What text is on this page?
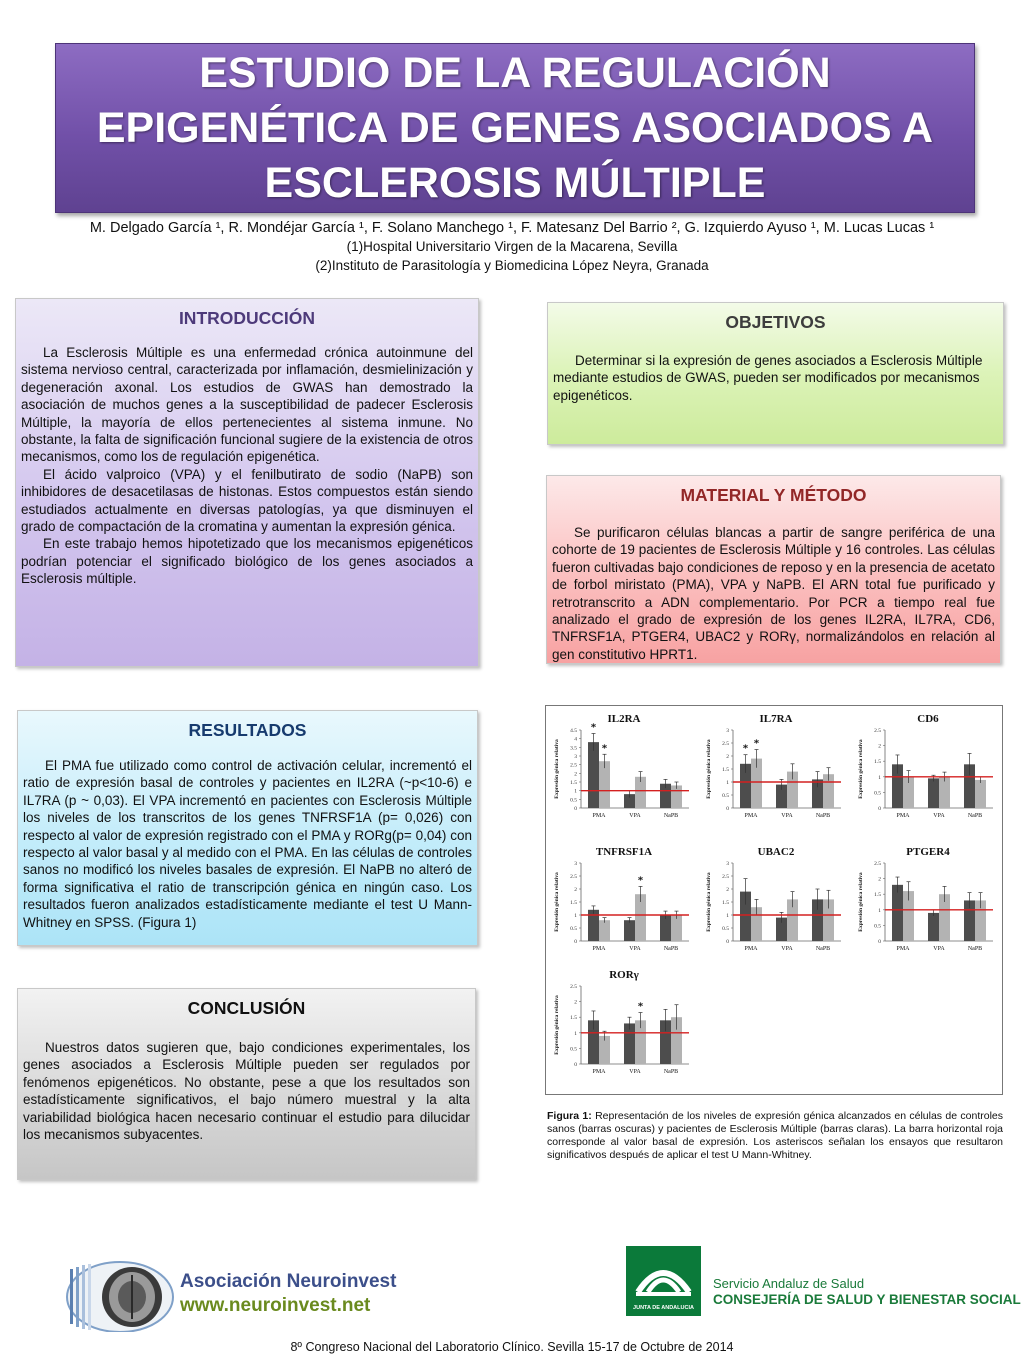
ESTUDIO DE LA REGULACIÓN
EPIGENÉTICA DE GENES ASOCIADOS A
ESCLEROSIS MÚLTIPLE
M. Delgado García ¹, R. Mondéjar García ¹, F. Solano Manchego ¹, F. Matesanz Del Barrio ², G. Izquierdo Ayuso ¹, M. Lucas Lucas ¹
(1)Hospital Universitario Virgen de la Macarena, Sevilla
(2)Instituto de Parasitología y Biomedicina López Neyra, Granada
INTRODUCCIÓN

La Esclerosis Múltiple es una enfermedad crónica autoinmune del sistema nervioso central, caracterizada por inflamación, desmielinización y degeneración axonal. Los estudios de GWAS han demostrado la asociación de muchos genes a la susceptibilidad de padecer Esclerosis Múltiple, la mayoría de ellos pertenecientes al sistema inmune. No obstante, la falta de significación funcional sugiere de la existencia de otros mecanismos, como los de regulación epigenética.

El ácido valproico (VPA) y el fenilbutirato de sodio (NaPB) son inhibidores de desacetilasas de histonas. Estos compuestos están siendo estudiados actualmente en diversas patologías, ya que disminuyen el grado de compactación de la cromatina y aumentan la expresión génica.

En este trabajo hemos hipotetizado que los mecanismos epigenéticos podrían potenciar el significado biológico de los genes asociados a Esclerosis múltiple.

OBJETIVOS

Determinar si la expresión de genes asociados a Esclerosis Múltiple mediante estudios de GWAS, pueden ser modificados por mecanismos epigenéticos.

MATERIAL Y MÉTODO

Se purificaron células blancas a partir de sangre periférica de una cohorte de 19 pacientes de Esclerosis Múltiple y 16 controles. Las células fueron cultivadas bajo condiciones de reposo y en la presencia de acetato de forbol miristato (PMA), VPA y NaPB. El ARN total fue purificado y retrotranscrito a ADN complementario. Por PCR a tiempo real fue analizado el grado de expresión de los genes IL2RA, IL7RA, CD6, TNFRSF1A, PTGER4, UBAC2 y RORγ, normalizándolos en relación al gen constitutivo HPRT1.

RESULTADOS

El PMA fue utilizado como control de activación celular, incrementó el ratio de expresión basal de controles y pacientes en IL2RA (~p<10-6) e IL7RA (p ~ 0,03). El VPA incrementó en pacientes con Esclerosis Múltiple los niveles de los transcritos de los genes TNFRSF1A (p= 0,026) con respecto al valor de expresión registrado con el PMA y RORg(p= 0,04) con respecto al valor basal y al medido con el PMA. En las células de controles sanos no modificó los niveles basales de expresión. El NaPB no alteró de forma significativa el ratio de transcripción génica en ningún caso. Los resultados fueron analizados estadísticamente mediante el test U Mann-Whitney en SPSS. (Figura 1)

CONCLUSIÓN

Nuestros datos sugieren que, bajo condiciones experimentales, los genes asociados a Esclerosis Múltiple pueden ser regulados por fenómenos epigenéticos. No obstante, pese a que los resultados son estadísticamente significativos, el bajo número muestral y la alta variabilidad biológica hacen necesario continuar el estudio para dilucidar los mecanismos subyacentes.

IL2RA
Expresión génica relativa
0
0.5
1
1.5
2
2.5
3
3.5
4
4.5 *
*
PMA	VPA	NaPB
IL7RA
Expresión génica relativa
0
0.5
1
1.5
2
2.5
3
* *
PMA	VPA	NaPB
CD6
Expresión génica relativa
0
0.5
1
1.5
2
2.5
PMA	VPA	NaPB
TNFRSF1A
Expresión génica relativa
0
0.5
1
1.5
2
2.5
3
PMA
*
VPA	NaPB
UBAC2
Expresión génica relativa
0
0.5
1
1.5
2
2.5
3
PMA	VPA	NaPB
PTGER4
Expresión génica relativa
0
0.5
1
1.5
2
2.5
PMA	VPA	NaPB
RORγ
Expresión génica relativa
0
0.5
1
1.5
2
2.5
PMA
*
VPA	NaPB
Figura 1: Representación de los niveles de expresión génica alcanzados en células de controles sanos (barras oscuras) y pacientes de Esclerosis Múltiple (barras claras). La barra horizontal roja corresponde al valor basal de expresión. Los asteriscos señalan los ensayos que resultaron significativos después de aplicar el test U Mann-Whitney.
Asociación Neuroinvest
www.neuroinvest.net	JUNTA DE ANDALUCIA
Servicio Andaluz de Salud
CONSEJERÍA DE SALUD Y BIENESTAR SOCIAL
8º Congreso Nacional del Laboratorio Clínico. Sevilla 15-17 de Octubre de 2014
